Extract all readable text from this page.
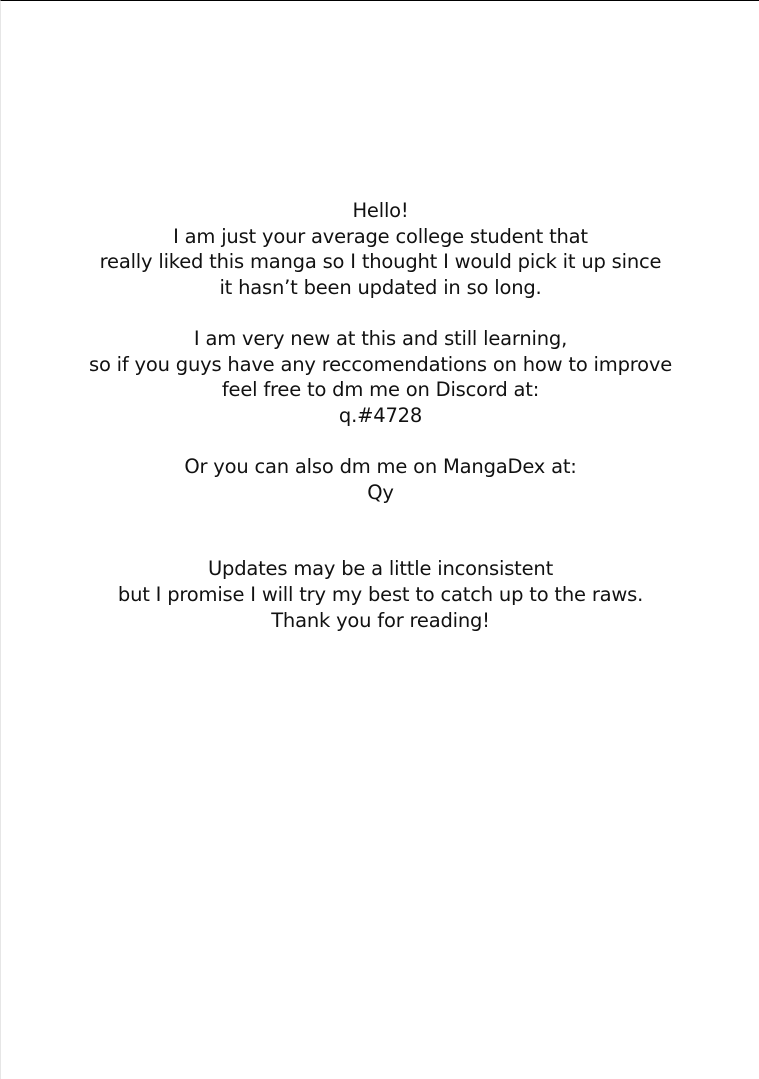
Hello!
I am just your average college student that
really liked this manga so I thought I would pick it up since
it hasn’t been updated in so long.
I am very new at this and still learning,
so if you guys have any reccomendations on how to improve
feel free to dm me on Discord at:
q.#4728
Or you can also dm me on MangaDex at:
Qy
Updates may be a little inconsistent
but I promise I will try my best to catch up to the raws.
Thank you for reading!
